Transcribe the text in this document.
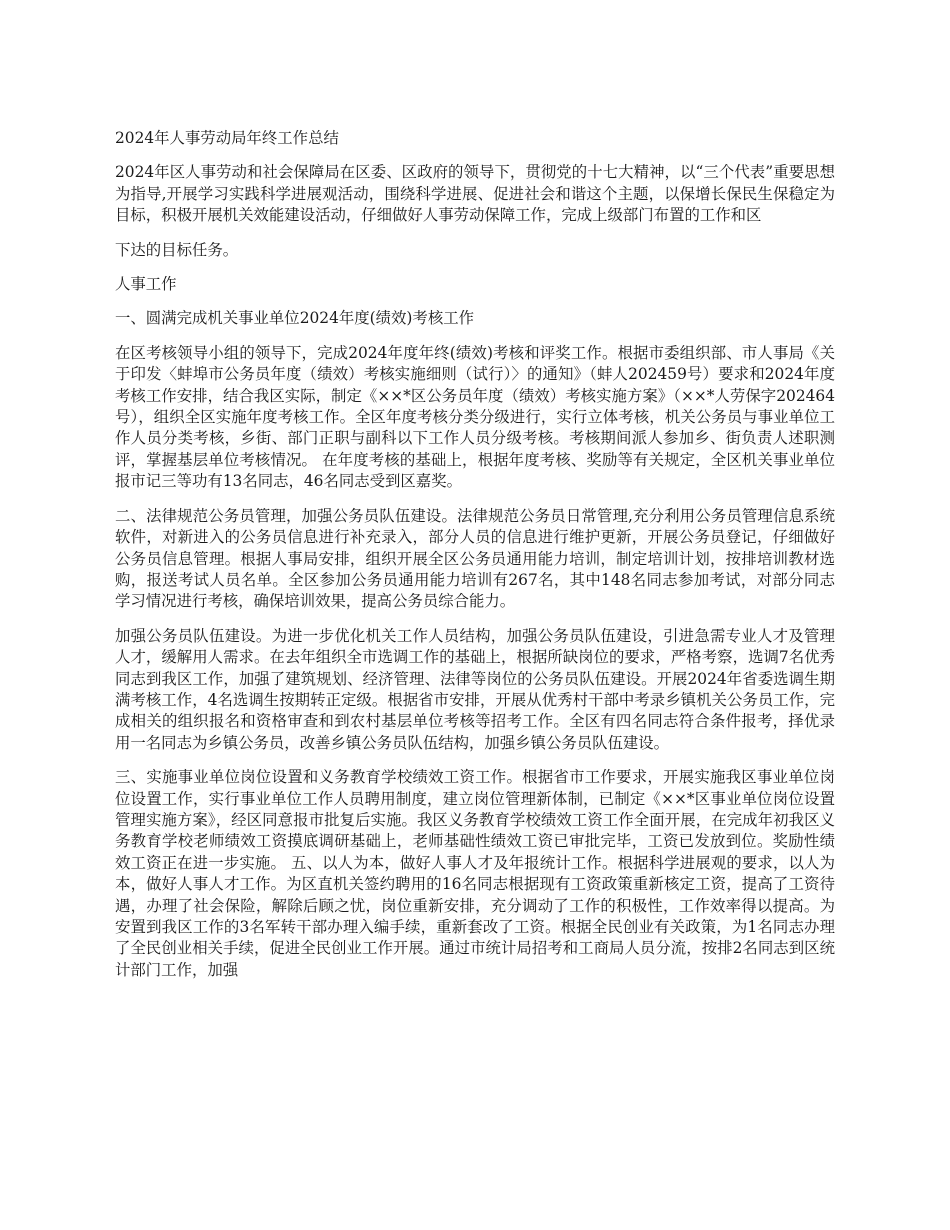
2024年人事劳动局年终工作总结

2024年区人事劳动和社会保障局在区委、区政府的领导下，贯彻党的十七大精神，以“三个代表”重要思想为指导,开展学习实践科学进展观活动，围绕科学进展、促进社会和谐这个主题，以保增长保民生保稳定为目标，积极开展机关效能建设活动，仔细做好人事劳动保障工作，完成上级部门布置的工作和区

下达的目标任务。

人事工作

一、圆满完成机关事业单位2024年度(绩效)考核工作

在区考核领导小组的领导下，完成2024年度年终(绩效)考核和评奖工作。根据市委组织部、市人事局《关于印发〈蚌埠市公务员年度（绩效）考核实施细则（试行）〉的通知》（蚌人202459号）要求和2024年度考核工作安排，结合我区实际，制定《××*区公务员年度（绩效）考核实施方案》（××*人劳保字202464号），组织全区实施年度考核工作。全区年度考核分类分级进行，实行立体考核，机关公务员与事业单位工作人员分类考核，乡街、部门正职与副科以下工作人员分级考核。考核期间派人参加乡、街负责人述职测评，掌握基层单位考核情况。 在年度考核的基础上，根据年度考核、奖励等有关规定，全区机关事业单位报市记三等功有13名同志，46名同志受到区嘉奖。

二、法律规范公务员管理，加强公务员队伍建设。法律规范公务员日常管理,充分利用公务员管理信息系统软件，对新进入的公务员信息进行补充录入，部分人员的信息进行维护更新，开展公务员登记，仔细做好公务员信息管理。根据人事局安排，组织开展全区公务员通用能力培训，制定培训计划，按排培训教材选购，报送考试人员名单。全区参加公务员通用能力培训有267名，其中148名同志参加考试，对部分同志学习情况进行考核，确保培训效果，提高公务员综合能力。

加强公务员队伍建设。为进一步优化机关工作人员结构，加强公务员队伍建设，引进急需专业人才及管理人才，缓解用人需求。在去年组织全市选调工作的基础上，根据所缺岗位的要求，严格考察，选调7名优秀同志到我区工作，加强了建筑规划、经济管理、法律等岗位的公务员队伍建设。开展2024年省委选调生期满考核工作，4名选调生按期转正定级。根据省市安排，开展从优秀村干部中考录乡镇机关公务员工作，完成相关的组织报名和资格审查和到农村基层单位考核等招考工作。全区有四名同志符合条件报考，择优录用一名同志为乡镇公务员，改善乡镇公务员队伍结构，加强乡镇公务员队伍建设。

三、实施事业单位岗位设置和义务教育学校绩效工资工作。根据省市工作要求，开展实施我区事业单位岗位设置工作，实行事业单位工作人员聘用制度，建立岗位管理新体制，已制定《××*区事业单位岗位设置管理实施方案》，经区同意报市批复后实施。我区义务教育学校绩效工资工作全面开展，在完成年初我区义务教育学校老师绩效工资摸底调研基础上，老师基础性绩效工资已审批完毕，工资已发放到位。奖励性绩效工资正在进一步实施。 五、以人为本，做好人事人才及年报统计工作。根据科学进展观的要求，以人为本，做好人事人才工作。为区直机关签约聘用的16名同志根据现有工资政策重新核定工资，提高了工资待遇，办理了社会保险，解除后顾之忧，岗位重新安排，充分调动了工作的积极性，工作效率得以提高。为安置到我区工作的3名军转干部办理入编手续，重新套改了工资。根据全民创业有关政策，为1名同志办理了全民创业相关手续，促进全民创业工作开展。通过市统计局招考和工商局人员分流，按排2名同志到区统计部门工作，加强
